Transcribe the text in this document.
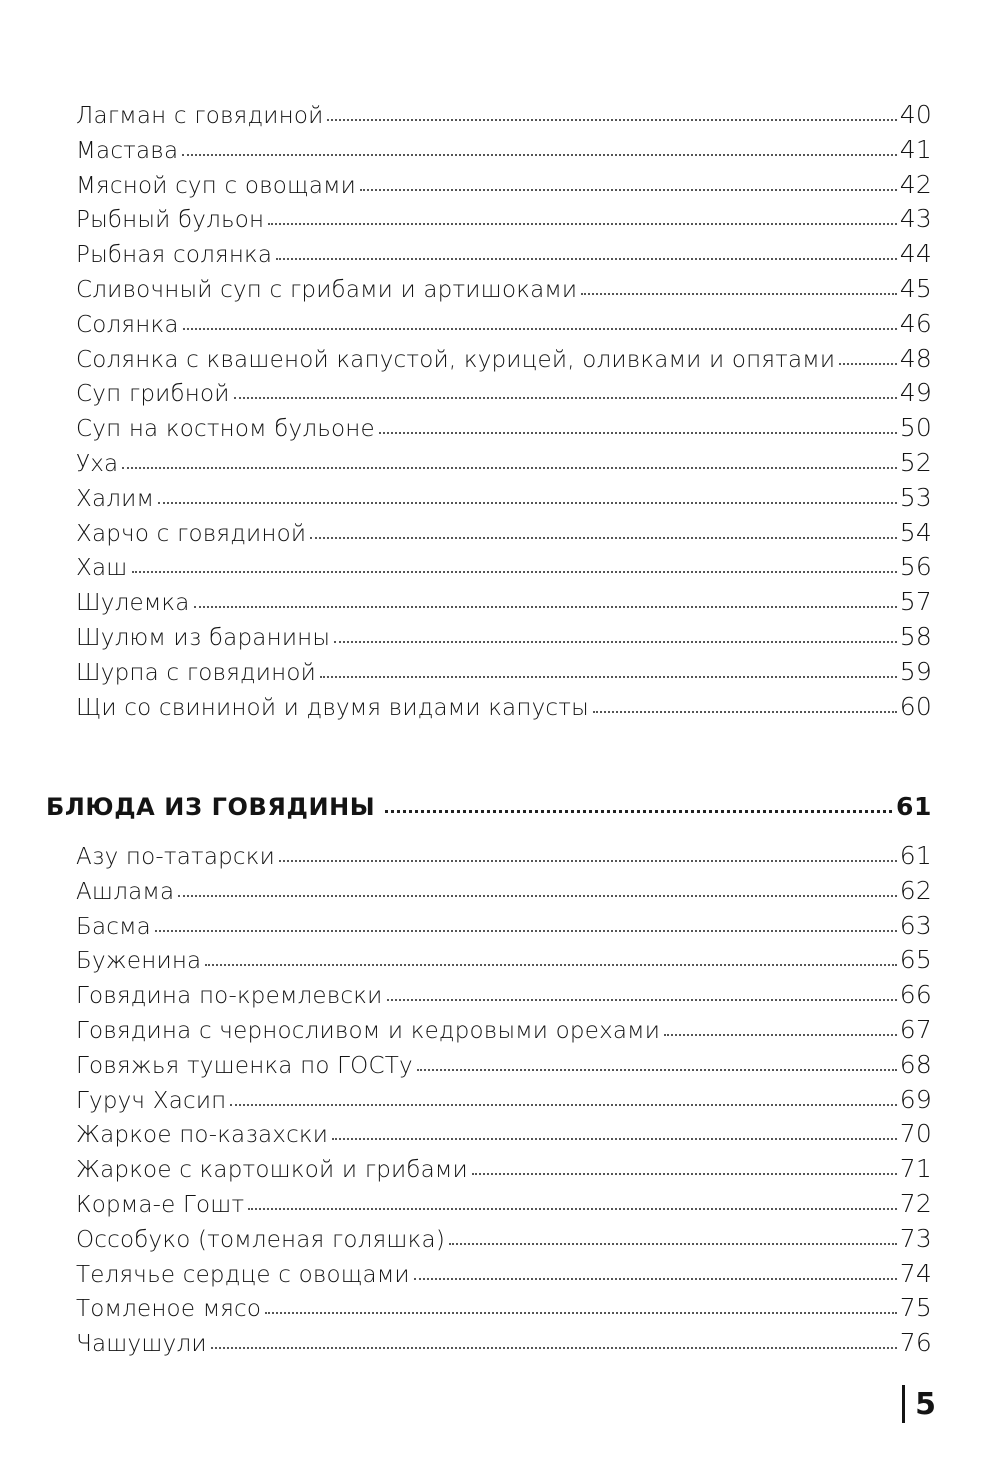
Лагман с говядиной	40
Мастава	41
Мясной суп с овощами	42
Рыбный бульон	43
Рыбная солянка	44
Сливочный суп с грибами и артишоками	45
Солянка	46
Солянка с квашеной капустой, курицей, оливками и опятами	48
Суп грибной	49
Суп на костном бульоне	50
Уха	52
Халим	53
Харчо с говядиной	54
Хаш	56
Шулемка	57
Шулюм из баранины	58
Шурпа с говядиной	59
Щи со свининой и двумя видами капусты	60
БЛЮДА ИЗ ГОВЯДИНЫ	61
Азу по-татарски	61
Ашлама	62
Басма	63
Буженина	65
Говядина по-кремлевски	66
Говядина с черносливом и кедровыми орехами	67
Говяжья тушенка по ГОСТу	68
Гуруч Хасип	69
Жаркое по-казахски	70
Жаркое с картошкой и грибами	71
Корма-е Гошт	72
Оссобуко (томленая голяшка)	73
Телячье сердце с овощами	74
Томленое мясо	75
Чашушули	76
5
